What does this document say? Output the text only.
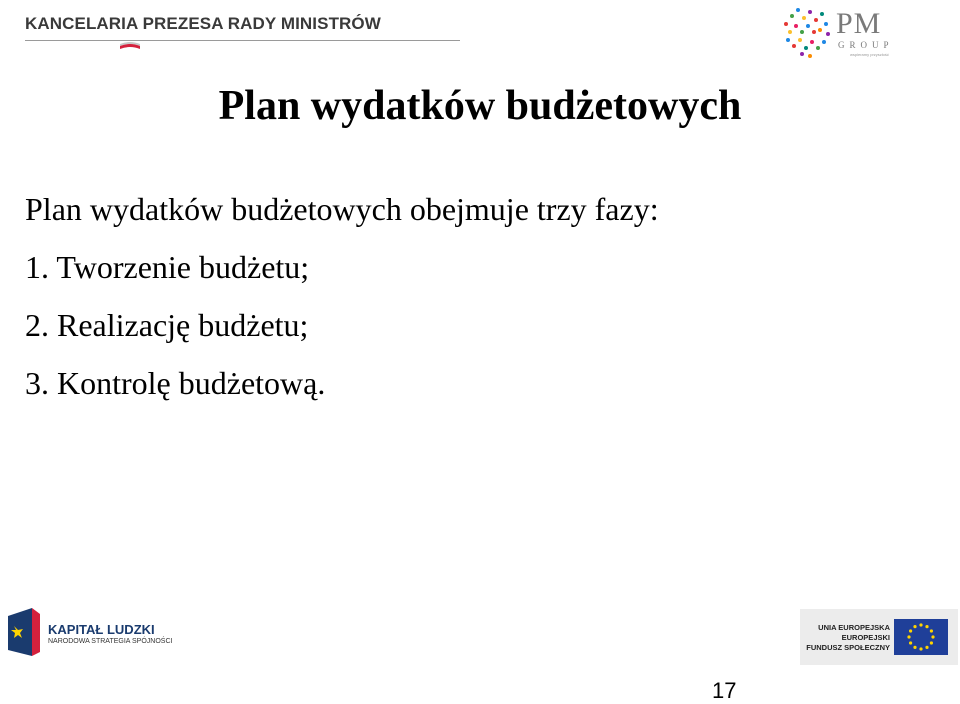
KANCELARIA PREZESA RADY MINISTRÓW	PM
GROUP
wspieramy przyszłość
Plan wydatków budżetowych
Plan wydatków budżetowych obejmuje trzy fazy:
1. Tworzenie budżetu;
2. Realizację budżetu;
3. Kontrolę budżetową.
KAPITAŁ LUDZKI
NARODOWA STRATEGIA SPÓJNOŚCI
UNIA EUROPEJSKA
EUROPEJSKI
FUNDUSZ SPOŁECZNY
17
